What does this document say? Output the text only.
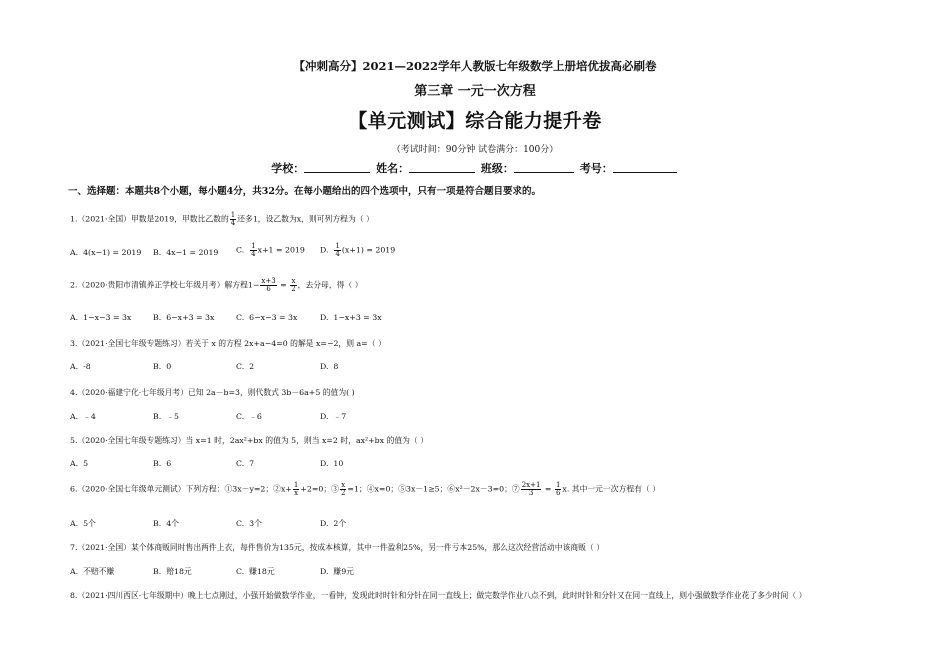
【冲刺高分】2021—2022学年人教版七年级数学上册培优拔高必刷卷
第三章 一元一次方程
【单元测试】综合能力提升卷
（考试时间：90分钟 试卷满分：100分）
学校：	姓名：	班级：	考号：
一、选择题：本题共8个小题，每小题4分，共32分。在每小题给出的四个选项中，只有一项是符合题目要求的。
1.（2021·全国）甲数是2019，甲数比乙数的 $\frac{1}{4}$ 还多1，设乙数为x，则可列方程为（ ）
A. 4(x−1) = 2019 B. 4x−1 = 2019 C. $\frac{1}{4} x+1 = 2019$ D. $\frac{1}{4} (x+1) = 2019$
2.（2020·贵阳市清镇养正学校七年级月考）解方程$1- \frac{x+3}{6} = \frac{x}{2}$ ，去分母，得（ ）
A. 1−x−3 = 3x	B. 6−x+3 = 3x	C. 6−x−3 = 3x	D. 1−x+3 = 3x
3.（2021·全国七年级专题练习）若关于 x 的方程 2x+a−4=0 的解是 x=−2，则 a=（ ）
A. -8	B. 0	C. 2	D. 8
4.（2020·福建宁化·七年级月考）已知 2a－b=3，则代数式 3b－6a+5 的值为( )
A. ﹣4	B. ﹣5	C. ﹣6	D. ﹣7
5.（2020·全国七年级专题练习）当 x=1 时，2ax²+bx 的值为 5，则当 x=2 时，ax²+bx 的值为（ ）
A. 5	B. 6	C. 7	D. 10
6.（2020·全国七年级单元测试）下列方程：①3x－y=2；②x+ $\frac{1}{x} +2=0$；③ $\frac{x}{2} =1$；④x=0；⑤3x－1≥5；⑥x²－2x－3=0；⑦ $\frac{2x+1}{3} = \frac{1}{6} x$. 其中一元一次方程有（ ）
A. 5个	B. 4个	C. 3个	D. 2个
7.（2021·全国）某个体商贩同时售出两件上衣，每件售价为135元，按成本核算，其中一件盈利25%，另一件亏本25%，那么这次经营活动中该商贩（ ）
A. 不赔不赚	B. 赔18元	C. 赚18元	D. 赚9元
8.（2021·四川西区·七年级期中）晚上七点刚过，小强开始做数学作业，一看钟，发现此时时针和分针在同一直线上；做完数学作业八点不到，此时时针和分针又在同一直线上，则小强做数学作业花了多少时间（ ）
